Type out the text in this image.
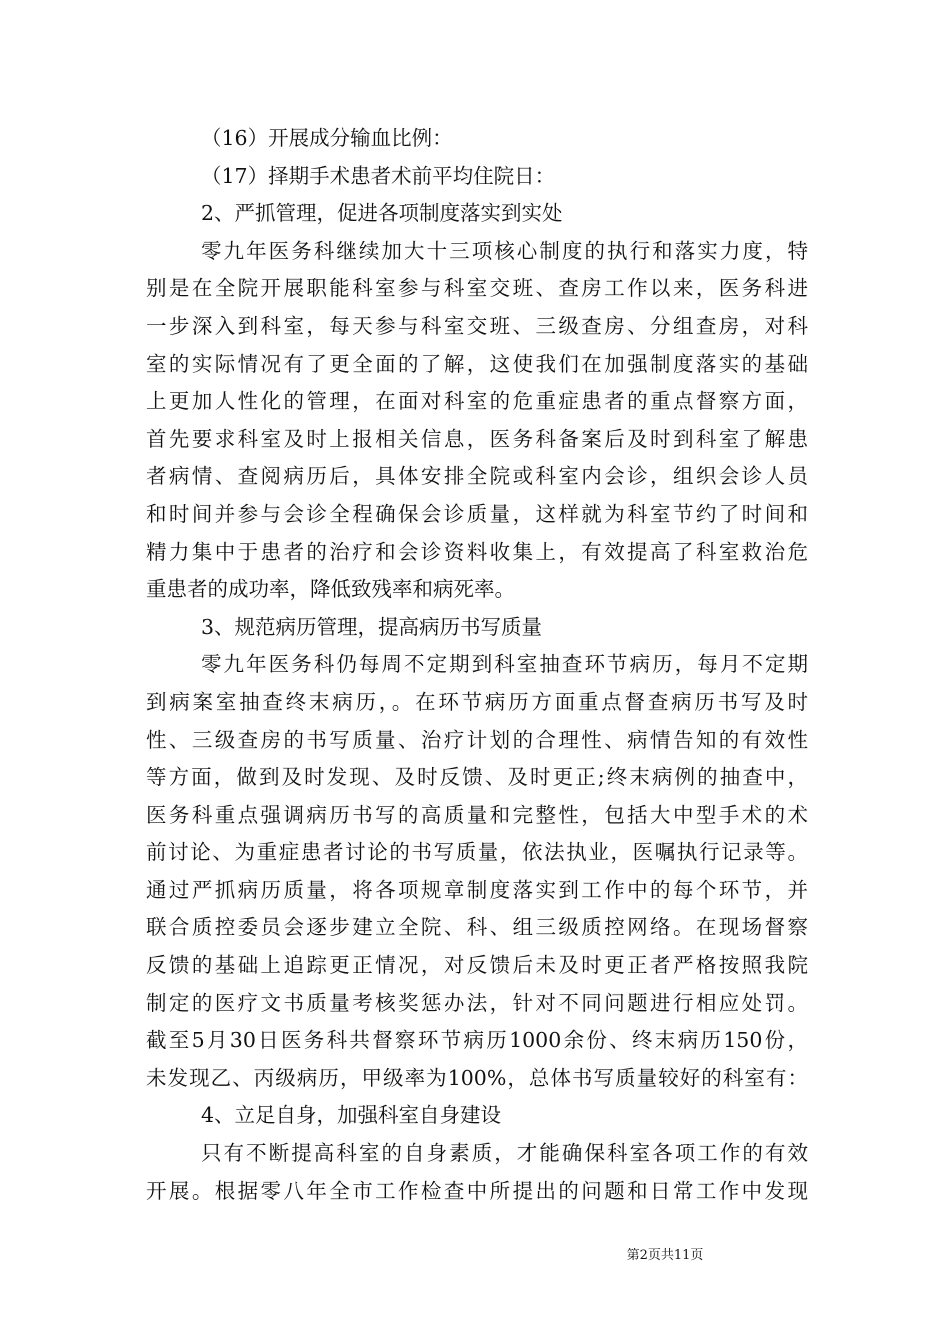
（16）开展成分输血比例：
（17）择期手术患者术前平均住院日：
2、严抓管理，促进各项制度落实到实处
零九年医务科继续加大十三项核心制度的执行和落实力度，特
别是在全院开展职能科室参与科室交班、查房工作以来，医务科进
一步深入到科室，每天参与科室交班、三级查房、分组查房，对科
室的实际情况有了更全面的了解，这使我们在加强制度落实的基础
上更加人性化的管理，在面对科室的危重症患者的重点督察方面，
首先要求科室及时上报相关信息，医务科备案后及时到科室了解患
者病情、查阅病历后，具体安排全院或科室内会诊，组织会诊人员
和时间并参与会诊全程确保会诊质量，这样就为科室节约了时间和
精力集中于患者的治疗和会诊资料收集上，有效提高了科室救治危
重患者的成功率，降低致残率和病死率。
3、规范病历管理，提高病历书写质量
零九年医务科仍每周不定期到科室抽查环节病历，每月不定期
到病案室抽查终末病历，。在环节病历方面重点督查病历书写及时
性、三级查房的书写质量、治疗计划的合理性、病情告知的有效性
等方面，做到及时发现、及时反馈、及时更正;终末病例的抽查中，
医务科重点强调病历书写的高质量和完整性，包括大中型手术的术
前讨论、为重症患者讨论的书写质量，依法执业，医嘱执行记录等。
通过严抓病历质量，将各项规章制度落实到工作中的每个环节，并
联合质控委员会逐步建立全院、科、组三级质控网络。在现场督察
反馈的基础上追踪更正情况，对反馈后未及时更正者严格按照我院
制定的医疗文书质量考核奖惩办法，针对不同问题进行相应处罚。
截至5月30日医务科共督察环节病历1000余份、终末病历150份，
未发现乙、丙级病历，甲级率为100%，总体书写质量较好的科室有：
4、立足自身，加强科室自身建设
只有不断提高科室的自身素质，才能确保科室各项工作的有效
开展。根据零八年全市工作检查中所提出的问题和日常工作中发现
第2页共11页
